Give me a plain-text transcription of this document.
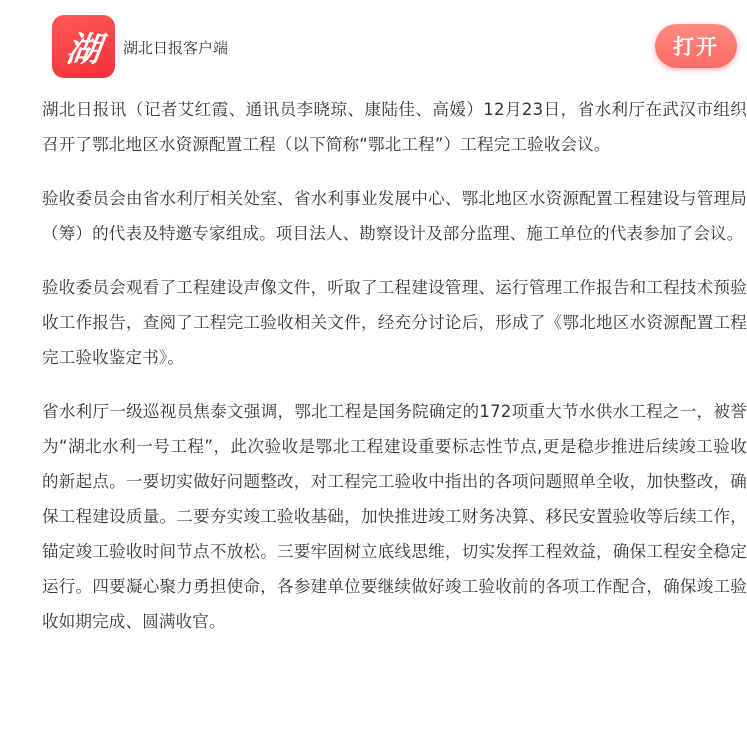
湖 湖北日报客户端	打开

湖北日报讯（记者艾红霞、通讯员李晓琼、康陆佳、高媛）12月23日，省水利厅在武汉市组织召开了鄂北地区水资源配置工程（以下简称“鄂北工程”）工程完工验收会议。

验收委员会由省水利厅相关处室、省水利事业发展中心、鄂北地区水资源配置工程建设与管理局（筹）的代表及特邀专家组成。项目法人、勘察设计及部分监理、施工单位的代表参加了会议。

验收委员会观看了工程建设声像文件，听取了工程建设管理、运行管理工作报告和工程技术预验收工作报告，查阅了工程完工验收相关文件，经充分讨论后，形成了《鄂北地区水资源配置工程完工验收鉴定书》。

省水利厅一级巡视员焦泰文强调，鄂北工程是国务院确定的172项重大节水供水工程之一，被誉为“湖北水利一号工程”，此次验收是鄂北工程建设重要标志性节点,更是稳步推进后续竣工验收的新起点。一要切实做好问题整改，对工程完工验收中指出的各项问题照单全收，加快整改，确保工程建设质量。二要夯实竣工验收基础，加快推进竣工财务决算、移民安置验收等后续工作，锚定竣工验收时间节点不放松。三要牢固树立底线思维，切实发挥工程效益，确保工程安全稳定运行。四要凝心聚力勇担使命，各参建单位要继续做好竣工验收前的各项工作配合，确保竣工验收如期完成、圆满收官。
